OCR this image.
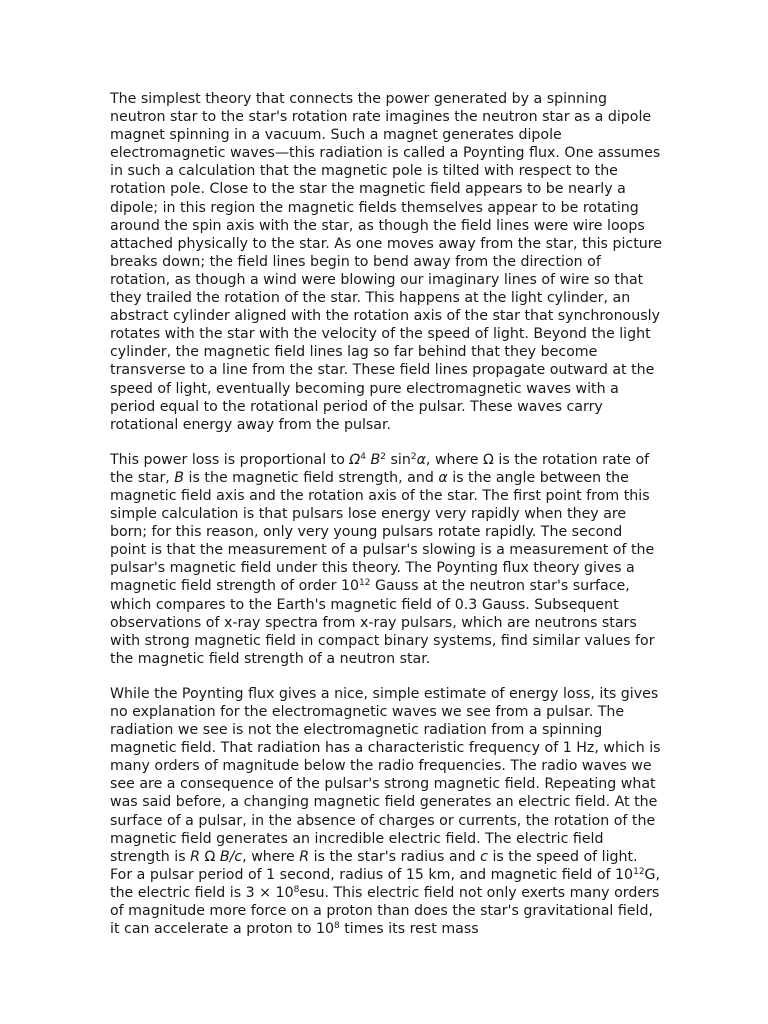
The simplest theory that connects the power generated by a spinning neutron star to the star's rotation rate imagines the neutron star as a dipole magnet spinning in a vacuum. Such a magnet generates dipole electromagnetic waves—this radiation is called a Poynting flux. One assumes in such a calculation that the magnetic pole is tilted with respect to the rotation pole. Close to the star the magnetic field appears to be nearly a dipole; in this region the magnetic fields themselves appear to be rotating around the spin axis with the star, as though the field lines were wire loops attached physically to the star. As one moves away from the star, this picture breaks down; the field lines begin to bend away from the direction of rotation, as though a wind were blowing our imaginary lines of wire so that they trailed the rotation of the star. This happens at the light cylinder, an abstract cylinder aligned with the rotation axis of the star that synchronously rotates with the star with the velocity of the speed of light. Beyond the light cylinder, the magnetic field lines lag so far behind that they become transverse to a line from the star. These field lines propagate outward at the speed of light, eventually becoming pure electromagnetic waves with a period equal to the rotational period of the pulsar. These waves carry rotational energy away from the pulsar.

This power loss is proportional to $\Omega^4$ $B^2$ $\sin^2\alpha$, where Ω is the rotation rate of the star, B is the magnetic field strength, and α is the angle between the magnetic field axis and the rotation axis of the star. The first point from this simple calculation is that pulsars lose energy very rapidly when they are born; for this reason, only very young pulsars rotate rapidly. The second point is that the measurement of a pulsar's slowing is a measurement of the pulsar's magnetic field under this theory. The Poynting flux theory gives a magnetic field strength of order $10^{12}$ Gauss at the neutron star's surface, which compares to the Earth's magnetic field of 0.3 Gauss. Subsequent observations of x-ray spectra from x-ray pulsars, which are neutrons stars with strong magnetic field in compact binary systems, find similar values for the magnetic field strength of a neutron star.

While the Poynting flux gives a nice, simple estimate of energy loss, its gives no explanation for the electromagnetic waves we see from a pulsar. The radiation we see is not the electromagnetic radiation from a spinning magnetic field. That radiation has a characteristic frequency of 1 Hz, which is many orders of magnitude below the radio frequencies. The radio waves we see are a consequence of the pulsar's strong magnetic field. Repeating what was said before, a changing magnetic field generates an electric field. At the surface of a pulsar, in the absence of charges or currents, the rotation of the magnetic field generates an incredible electric field. The electric field strength is R Ω B/c, where R is the star's radius and c is the speed of light. For a pulsar period of 1 second, radius of 15 km, and magnetic field of $10^{12}G$, the electric field is $3 \times 10^8esu$. This electric field not only exerts many orders of magnitude more force on a proton than does the star's gravitational field, it can accelerate a proton to $10^8$ times its rest mass
